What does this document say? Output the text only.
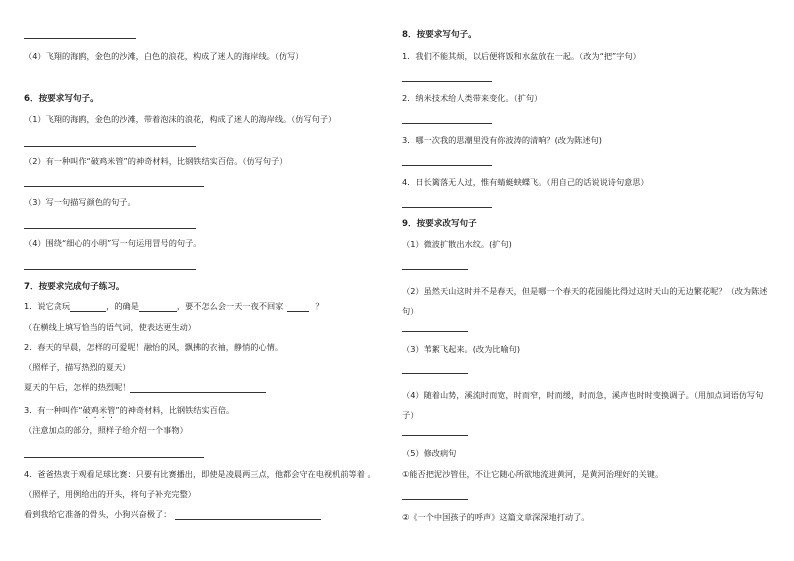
（4）飞翔的海鸥，金色的沙滩，白色的浪花，构成了迷人的海岸线。（仿写）
6．按要求写句子。
（1）飞翔的海鸥，金色的沙滩，带着泡沫的浪花，构成了迷人的海岸线。（仿写句子）
（2）有一种叫作“破鸡米管”的神奇材料，比钢铁结实百倍。（仿写句子）
（3）写一句描写颜色的句子。
（4）围绕“细心的小明”写一句运用冒号的句子。
7．按要求完成句子练习。
1．说它贪玩	，的确是	，要不怎么会一天一夜不回家	？
（在横线上填写恰当的语气词，使表达更生动）
2．春天的早晨，怎样的可爱呢！融怡的风，飘拂的衣袖，静悄的心情。
（照样子，描写热烈的夏天）
夏天的午后，怎样的热烈呢！
3．有一种叫作“破鸡米管”的神奇材料，比钢铁结实百倍。
（注意加点的部分，照样子给介绍一个事物）
4．爸爸热衷于观看足球比赛：只要有比赛播出，即使是凌晨两三点，他都会守在电视机前等着 。
（照样子，用例给出的开头，将句子补充完整）
看到我给它准备的骨头，小狗兴奋极了：
8．按要求写句子。
1．我们不能其烦，以后便将饭和水盆放在一起。（改为“把”字句）
2．纳米技术给人类带来变化。（扩句）
3．哪一次我的思潮里没有你波涛的清响？(改为陈述句)
4．日长篱落无人过，惟有蜻蜓蛱蝶飞。（用自己的话说说诗句意思）
9．按要求改写句子
（1）微波扩散出水纹。(扩句)
（2）虽然天山这时并不是春天，但是哪一个春天的花园能比得过这时天山的无边繁花呢？（改为陈述句）
（3）苇絮飞起来。(改为比喻句)
（4）随着山势，溪流时而宽，时而窄，时而缓，时而急，溪声也时时变换调子。（用加点词语仿写句子）
（5）修改病句
①能否把泥沙管住，不让它随心所欲地流进黄河，是黄河治理好的关键。
②《一个中国孩子的呼声》这篇文章深深地打动了。
